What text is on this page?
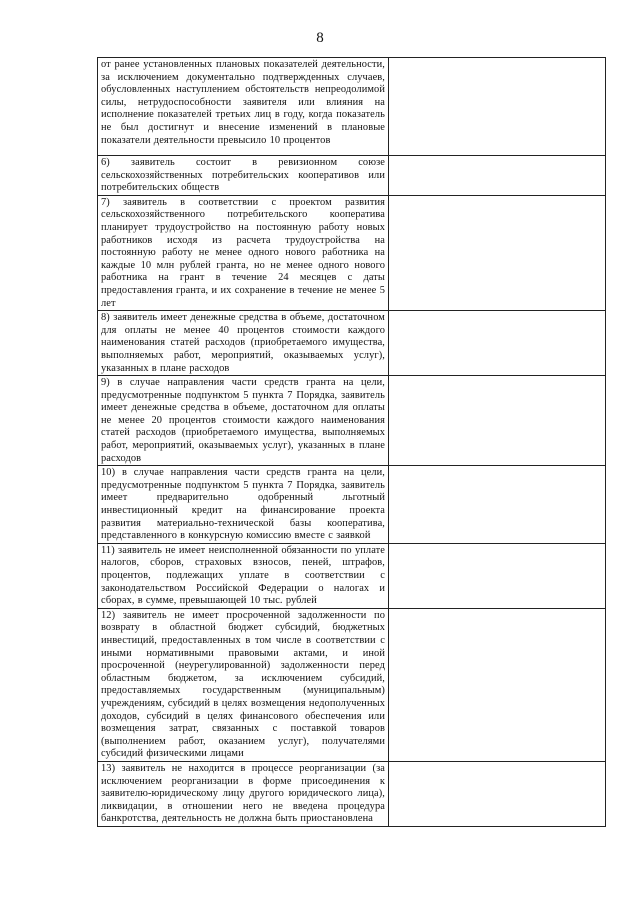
8
от ранее установленных плановых показателей деятельности, за исключением документально подтвержденных случаев, обусловленных наступлением обстоятельств непреодолимой силы, нетрудоспособности заявителя или влияния на исполнение показателей третьих лиц в году, когда показатель не был достигнут и внесение изменений в плановые показатели деятельности превысило 10 процентов	
6) заявитель состоит в ревизионном союзе сельскохозяйственных потребительских кооперативов или потребительских обществ	
7) заявитель в соответствии с проектом развития сельскохозяйственного потребительского кооператива планирует трудоустройство на постоянную работу новых работников исходя из расчета трудоустройства на постоянную работу не менее одного нового работника на каждые 10 млн рублей гранта, но не менее одного нового работника на грант в течение 24 месяцев с даты предоставления гранта, и их сохранение в течение не менее 5 лет	
8) заявитель имеет денежные средства в объеме, достаточном для оплаты не менее 40 процентов стоимости каждого наименования статей расходов (приобретаемого имущества, выполняемых работ, мероприятий, оказываемых услуг), указанных в плане расходов	
9) в случае направления части средств гранта на цели, предусмотренные подпунктом 5 пункта 7 Порядка, заявитель имеет денежные средства в объеме, достаточном для оплаты не менее 20 процентов стоимости каждого наименования статей расходов (приобретаемого имущества, выполняемых работ, мероприятий, оказываемых услуг), указанных в плане расходов	
10) в случае направления части средств гранта на цели, предусмотренные подпунктом 5 пункта 7 Порядка, заявитель имеет предварительно одобренный льготный инвестиционный кредит на финансирование проекта развития материально-технической базы кооператива, представленного в конкурсную комиссию вместе с заявкой	
11) заявитель не имеет неисполненной обязанности по уплате налогов, сборов, страховых взносов, пеней, штрафов, процентов, подлежащих уплате в соответствии с законодательством Российской Федерации о налогах и сборах, в сумме, превышающей 10 тыс. рублей	
12) заявитель не имеет просроченной задолженности по возврату в областной бюджет субсидий, бюджетных инвестиций, предоставленных в том числе в соответствии с иными нормативными правовыми актами, и иной просроченной (неурегулированной) задолженности перед областным бюджетом, за исключением субсидий, предоставляемых государственным (муниципальным) учреждениям, субсидий в целях возмещения недополученных доходов, субсидий в целях финансового обеспечения или возмещения затрат, связанных с поставкой товаров (выполнением работ, оказанием услуг), получателями субсидий физическими лицами	
13) заявитель не находится в процессе реорганизации (за исключением реорганизации в форме присоединения к заявителю-юридическому лицу другого юридического лица), ликвидации, в отношении него не введена процедура банкротства, деятельность не должна быть приостановлена	
